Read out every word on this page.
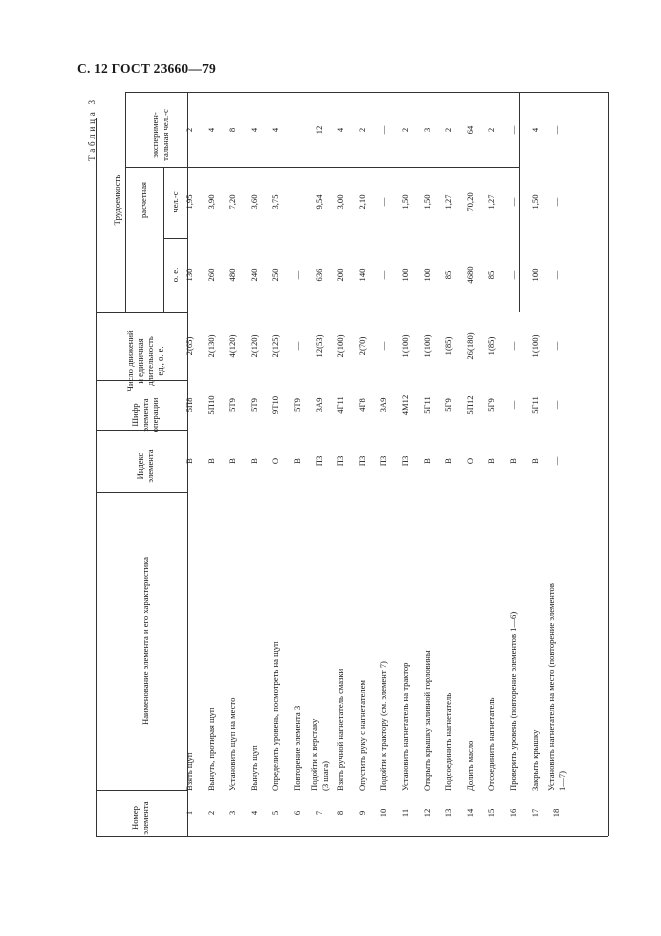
С. 12 ГОСТ 23660—79
Номер элемента
Наименование элемента и его характеристика
Индекс элемента
Шифр элемента операции
Число движений и единичная длительность ед., о. е.
Трудоемкость расчетная
о. е.
чел.-с
эксперимен-тальная чел.-с
1
Взять щуп
В
5П8
2(65)
130
1,95
2
2
Вынуть, протирая щуп
В
5П10
2(130)
260
3,90
4
3
Установить щуп на место
В
5Т9
4(120)
480
7,20
8
4
Вынуть щуп
В
5Т9
2(120)
240
3,60
4
5
Определить уровень, посмотреть на щуп
О
9Т10
2(125)
250
3,75
4
6
Повторение элемента 3
В
5Т9
—
—
7
Подойти к верстаку (3 шага)
П3
3А9
12(53)
636
9,54
12
8
Взять ручной нагнетатель смазки
П3
4Г11
2(100)
200
3,00
4
9
Опустить руку с нагнетателем
П3
4Г8
2(70)
140
2,10
2
10
Подойти к трактору (см. элемент 7)
П3
3А9
—
—
—
—
11
Установить нагнетатель на трактор
П3
4М12
1(100)
100
1,50
2
12
Открыть крышку заливной горловины
В
5Г11
1(100)
100
1,50
3
13
Подсоединить нагнетатель
В
5Г9
1(85)
85
1,27
2
14
Долить масло
О
5П12
26(180)
4680
70,20
64
15
Отсоединить нагнетатель
В
5Г9
1(85)
85
1,27
2
16
Проверить уровень (повторение элементов 1—6)
В
—
—
—
—
—
17
Закрыть крышку
В
5Г11
1(100)
100
1,50
4
18
Установить нагнетатель на место (повторение элементов 1—7)
—
—
—
—
—
—
Таблица 3
